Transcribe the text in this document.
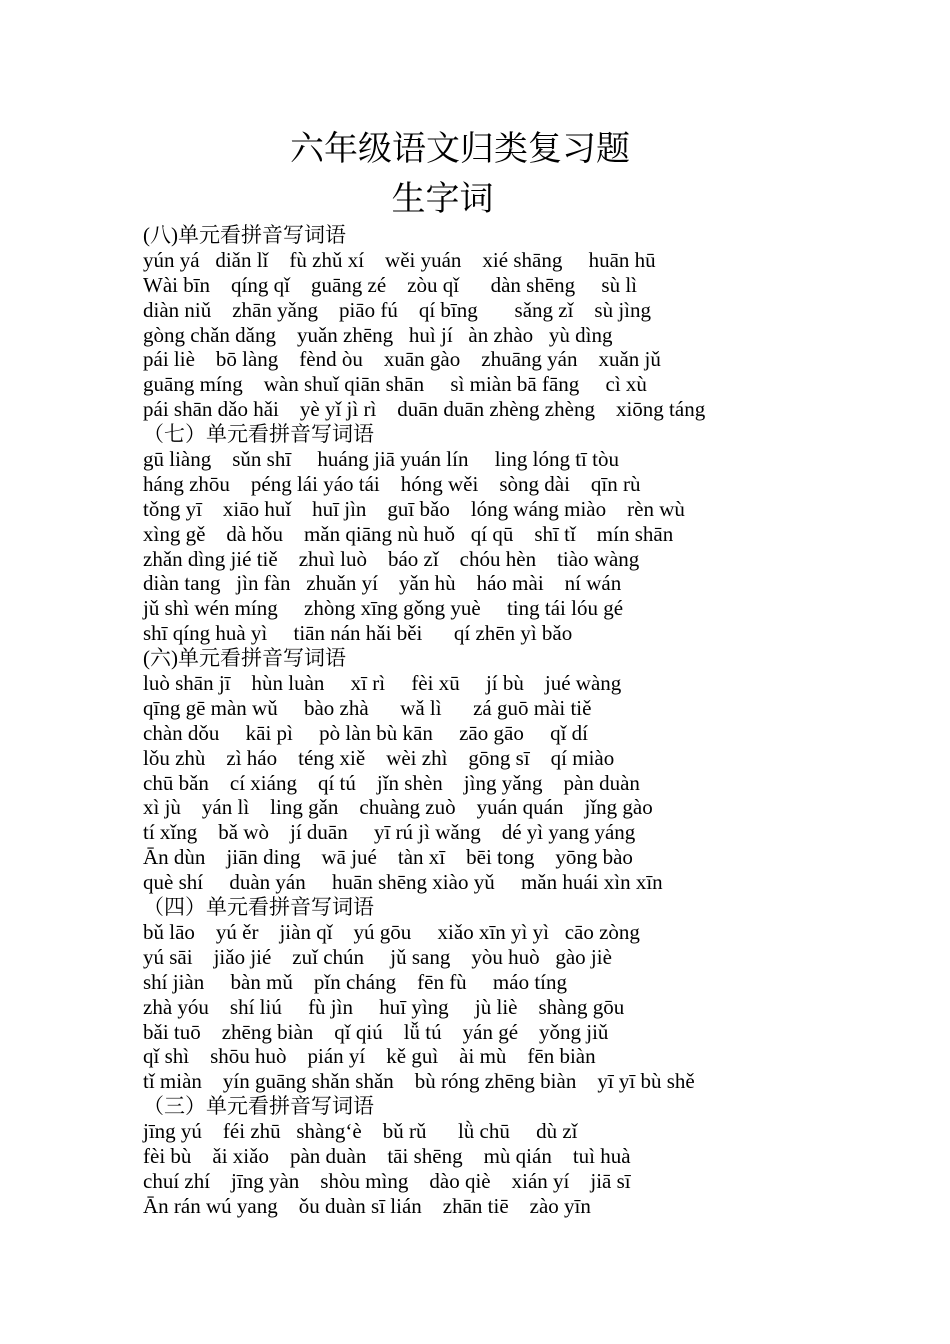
六年级语文归类复习题
生字词
(八)单元看拼音写词语
yún yá   diǎn lǐ    fù zhǔ xí    wěi yuán    xié shāng     huān hū
Wài bīn    qíng qǐ    guāng zé    zòu qǐ      dàn shēng     sù lì
diàn niǔ    zhān yǎng    piāo fú    qí bīng       sǎng zǐ    sù jìng
gòng chǎn dǎng    yuǎn zhēng   huì jí   àn zhào   yù dìng
pái liè    bō làng    fènd òu    xuān gào    zhuāng yán    xuǎn jǔ
guāng míng    wàn shuǐ qiān shān     sì miàn bā fāng     cì xù
pái shān dǎo hǎi    yè yǐ jì rì    duān duān zhèng zhèng    xiōng táng
（七）单元看拼音写词语
gū liàng    sǔn shī     huáng jiā yuán lín     ling lóng tī tòu
háng zhōu    péng lái yáo tái    hóng wěi    sòng dài    qīn rù
tǒng yī    xiāo huǐ    huī jìn    guī bǎo    lóng wáng miào    rèn wù
xìng gě    dà hǒu    mǎn qiāng nù huǒ   qí qū    shī tǐ    mín shān
zhǎn dìng jié tiě    zhuì luò    báo zǐ    chóu hèn    tiào wàng
diàn tang   jìn fàn   zhuǎn yí    yǎn hù    háo mài    ní wán
jǔ shì wén míng     zhòng xīng gǒng yuè     ting tái lóu gé
shī qíng huà yì     tiān nán hǎi běi      qí zhēn yì bǎo
(六)单元看拼音写词语
luò shān jī    hùn luàn     xī rì     fèi xū     jí bù    jué wàng
qīng gē màn wǔ     bào zhà      wǎ lì      zá guō mài tiě
chàn dǒu     kāi pì     pò làn bù kān     zāo gāo     qǐ dí
lǒu zhù    zì háo    téng xiě    wèi zhì    gōng sī    qí miào
chū bǎn    cí xiáng    qí tú    jǐn shèn    jìng yǎng    pàn duàn
xì jù    yán lì    ling gǎn    chuàng zuò    yuán quán    jǐng gào
tí xǐng    bǎ wò    jí duān     yī rú jì wǎng    dé yì yang yáng
Ān dùn    jiān ding    wā jué    tàn xī    bēi tong    yōng bào
què shí     duàn yán     huān shēng xiào yǔ     mǎn huái xìn xīn
（四）单元看拼音写词语
bǔ lāo    yú ěr    jiàn qǐ    yú gōu     xiǎo xīn yì yì   cāo zòng
yú sāi    jiǎo jié    zuǐ chún     jǔ sang    yòu huò   gào jiè
shí jiàn     bàn mǔ    pǐn cháng    fēn fù     máo tíng
zhà yóu    shí liú     fù jìn     huī yìng     jù liè    shàng gōu
bǎi tuō    zhēng biàn    qǐ qiú    lǚ tú    yán gé    yǒng jiǔ
qǐ shì    shōu huò    pián yí    kě guì    ài mù    fēn biàn
tǐ miàn    yín guāng shǎn shǎn    bù róng zhēng biàn    yī yī bù shě
（三）单元看拼音写词语
jīng yú    féi zhū   shàng‘è    bǔ rǔ      lǜ chū     dù zǐ
fèi bù    ǎi xiǎo    pàn duàn    tāi shēng    mù qián    tuì huà
chuí zhí    jīng yàn    shòu mìng    dào qiè    xián yí    jiā sī
Ān rán wú yang    ǒu duàn sī lián    zhān tiē    zào yīn
